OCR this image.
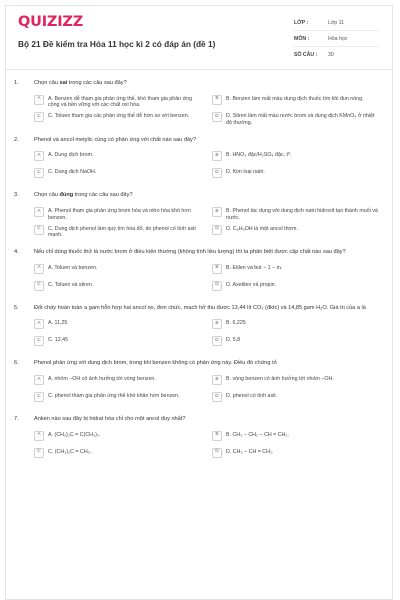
QUIZIZZ
Bộ 21 Đề kiểm tra Hóa 11 học kì 2 có đáp án (đề 1)
LỚP :	Lớp 11
MÔN :	Hóa học
SỐ CÂU :	30
1.	Chọn câu sai trong các câu sau đây?
A	A. Benzen dễ tham gia phản ứng thế, khó tham gia phản ứng cộng và bền vững với các chất oxi hóa.
B	B. Benzen làm mất màu dung dịch thuốc tím khi đun nóng.
C	C. Toluen tham gia các phản ứng thế dễ hơn so với benzen.	D	D. Stiren làm mất màu nước brom và dung dịch KMnO₄ ở nhiệt độ thường.
2.	Phenol và ancol metylic cùng có phản ứng với chất nào sau đây?
A	A. Dung dịch brom.	B	B. HNO₃ đặc/H₂SO₄ đặc, t⁰.
C	C. Dung dịch NaOH.	D	D. Kim loại natri.
3.	Chọn câu đúng trong các câu sau đây?
A	A. Phenol tham gia phản ứng brom hóa và nitro hóa khó hơn benzen.
B	B. Phenol tác dụng với dung dịch natri hidroxit tạo thành muối và nước.
C	C. Dung dịch phenol làm quỳ tím hóa đỏ, do phenol có tính axit mạnh.
D	D. C₆H₅OH là một ancol thơm.
4.	Nếu chỉ dùng thuốc thử là nước brom ở điều kiện thường (không tính liều lượng) thì ta phân biệt được cặp chất nào sau đây?
A	A. Toluen và benzen.	B	B. Etilen và but − 1 − in.
C	C. Toluen và stiren.	D	D. Axetilen và propin.
5.	Đốt cháy hoàn toàn a gam hỗn hợp hai ancol no, đơn chức, mạch hở thu được 13,44 lít CO₂ (đktc) và 14,85 gam H₂O. Giá trị của a là
A	A. 11,25	B	B. 6,225
C	C. 12,45	D	D. 5,8
6.	Phenol phản ứng với dung dịch brom, trong khi benzen không có phản ứng này. Điều đó chứng tỏ
A	A. nhóm −OH có ảnh hưởng tới vòng benzen.	B	B. vòng benzen có ảnh hưởng tới nhóm −OH.
C	C. phenol tham gia phản ứng thế khó khăn hơn benzen.	D	D. phenol có tính axit.
7.	Anken nào sau đây bị hidrat hóa chỉ cho một ancol duy nhất?
A	A. (CH₃)₂C = C(CH₃)₂.	B	B. CH₃ − CH₂ − CH = CH₂.
C	C. (CH₃)₂C = CH₂.	D	D. CH₃ − CH = CH₂.
